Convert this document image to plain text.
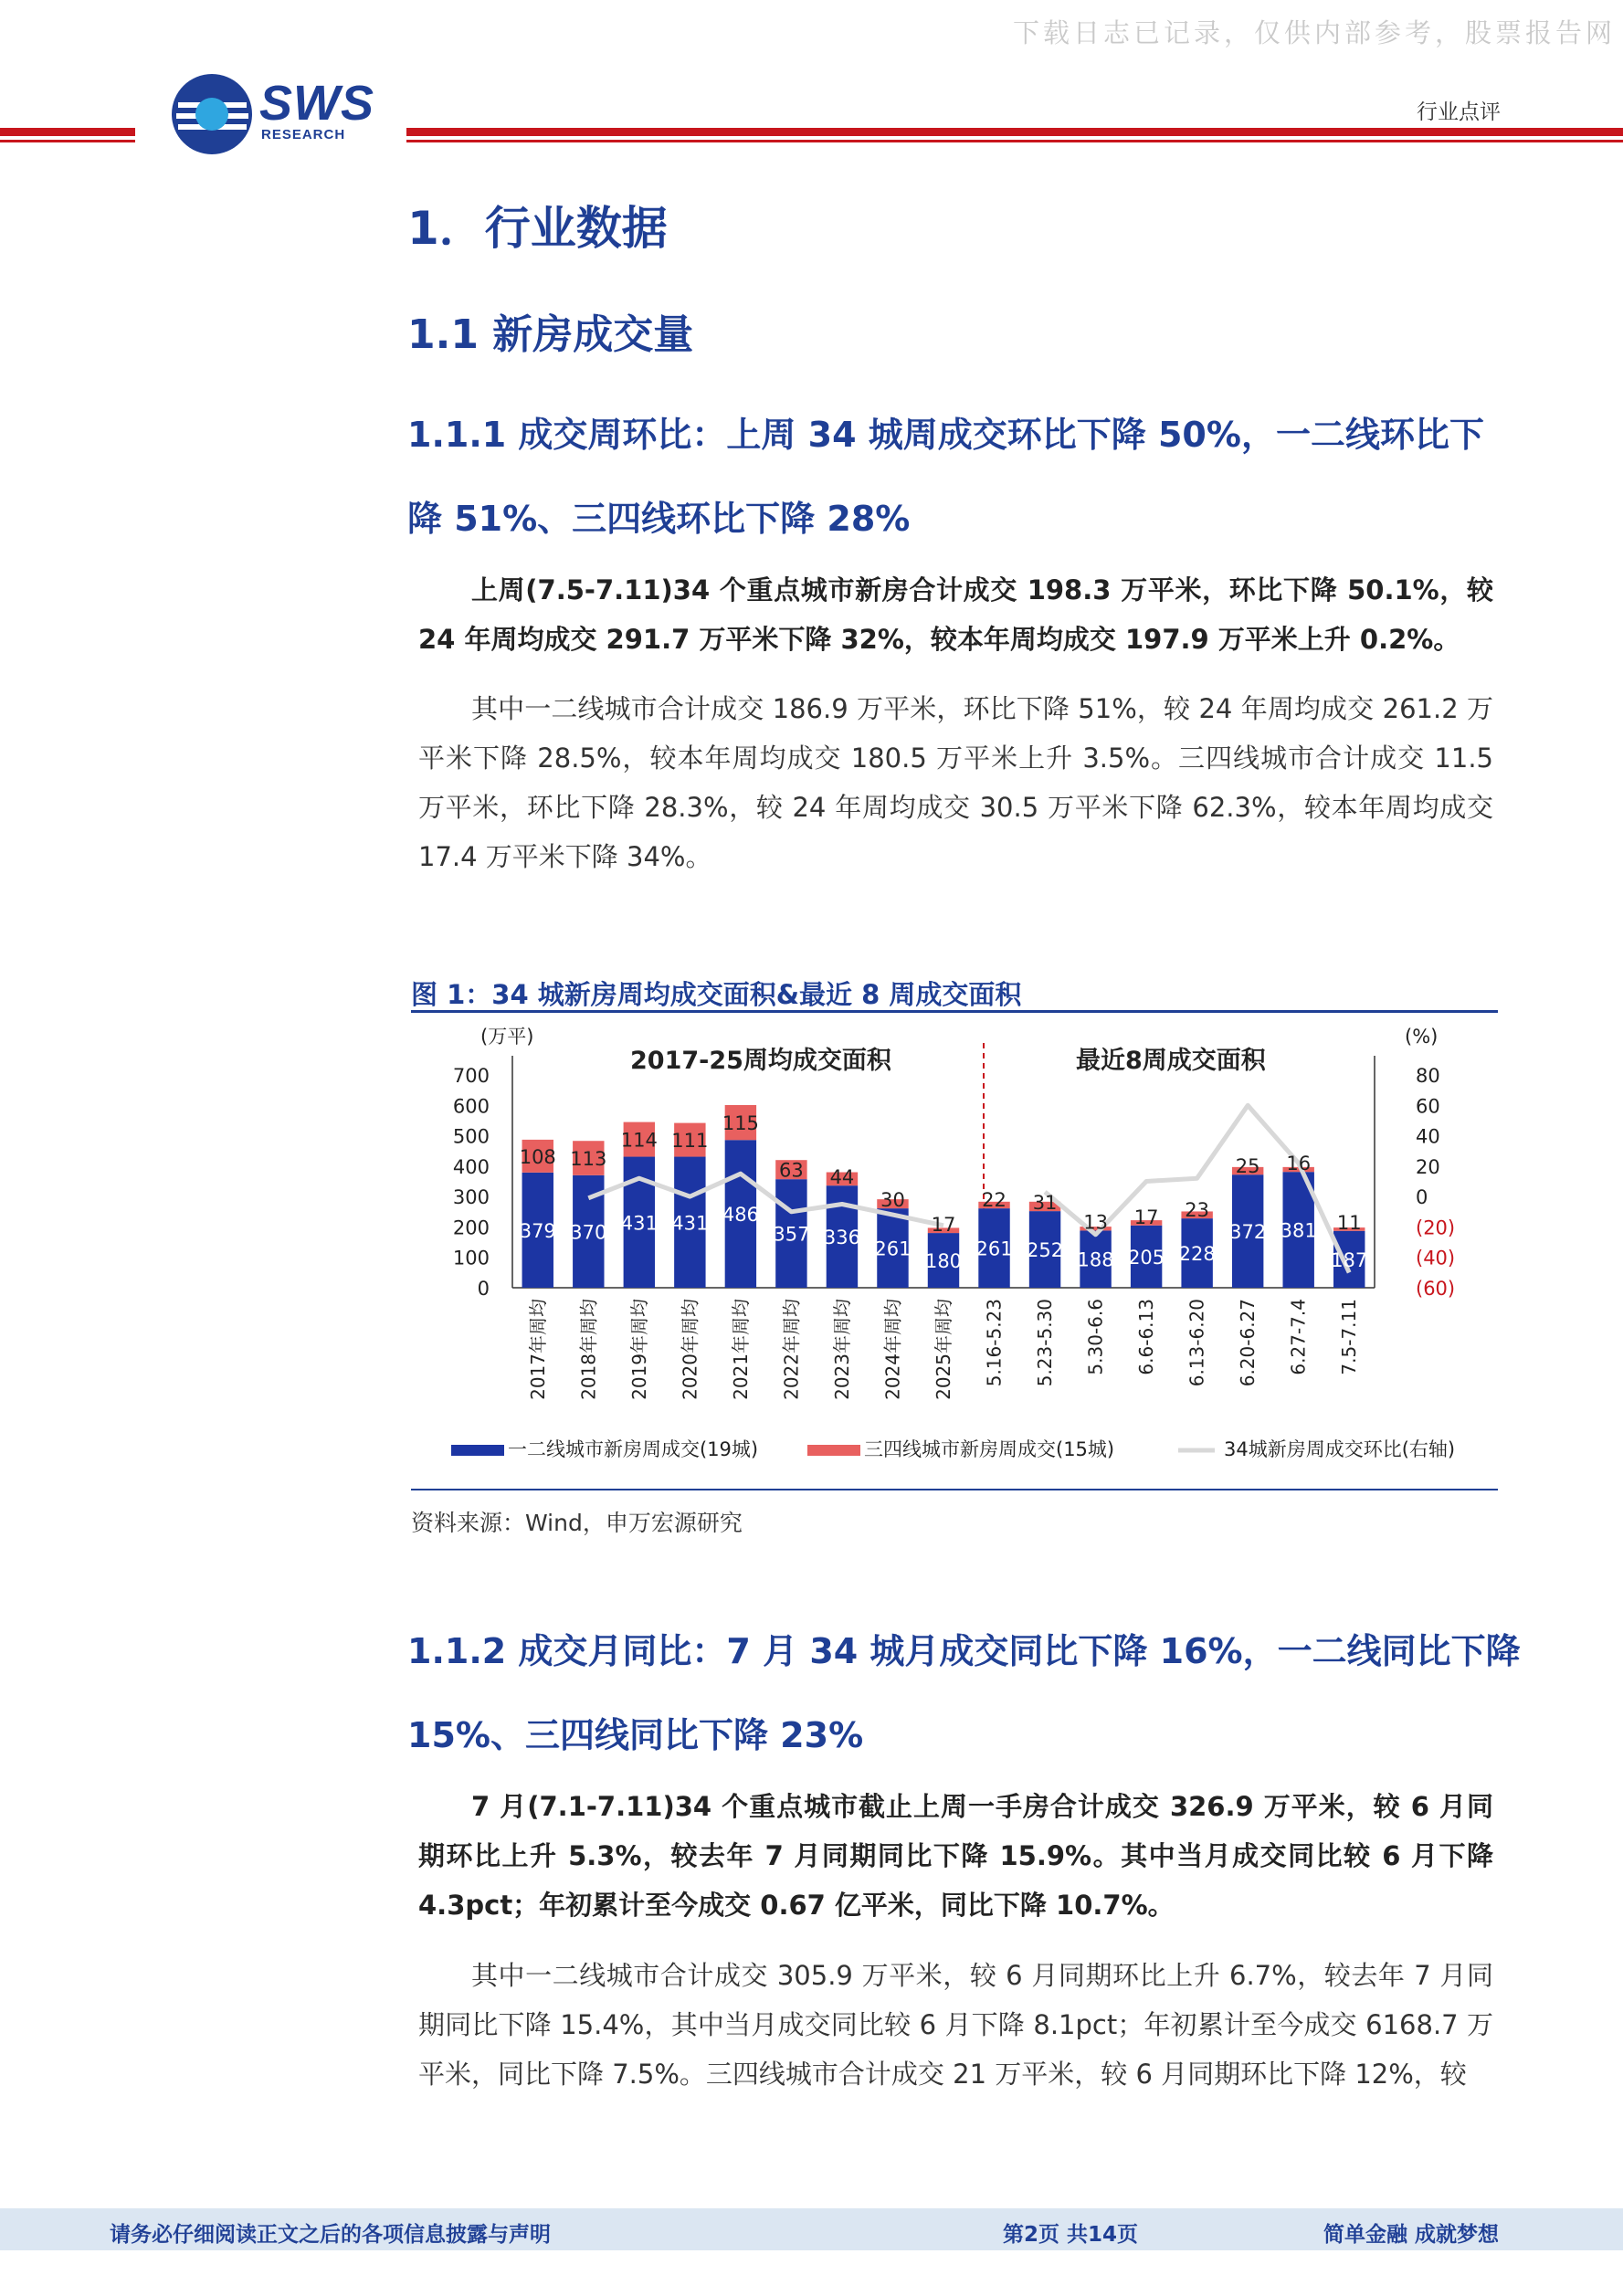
下载日志已记录，仅供内部参考，股票报告网
SWS
RESEARCH
行业点评
1．行业数据
1.1 新房成交量
1.1.1 成交周环比：上周 34 城周成交环比下降 50%，一二线环比下
降 51%、三四线环比下降 28%
上周(7.5-7.11)34 个重点城市新房合计成交 198.3 万平米，环比下降 50.1%，较 24 年周均成交 291.7 万平米下降 32%，较本年周均成交 197.9 万平米上升 0.2%。
其中一二线城市合计成交 186.9 万平米，环比下降 51%，较 24 年周均成交 261.2 万平米下降 28.5%，较本年周均成交 180.5 万平米上升 3.5%。三四线城市合计成交 11.5 万平米，环比下降 28.3%，较 24 年周均成交 30.5 万平米下降 62.3%，较本年周均成交 17.4 万平米下降 34%。
图 1：34 城新房周均成交面积&最近 8 周成交面积
(万平)	(%)
2017-25周均成交面积	最近8周成交面积
700
600
500
400
300
200
100
0
80
60
40
20
0
(20)
(40)
(60)
379
108
370
113
431
114
431
111
486
115
357
63
336
44
261
30
180
17
261
22
252
31
188
13
205
17
228
23
372
25
381
16
187
11
2017年周均 2018年周均 2019年周均 2020年周均 2021年周均 2022年周均 2023年周均 2024年周均 2025年周均 5.16-5.23 5.23-5.30 5.30-6.6 6.6-6.13 6.13-6.20 6.20-6.27 6.27-7.4 7.5-7.11
一二线城市新房周成交(19城)	三四线城市新房周成交(15城)	34城新房周成交环比(右轴)
资料来源：Wind，申万宏源研究
1.1.2 成交月同比：7 月 34 城月成交同比下降 16%，一二线同比下降
15%、三四线同比下降 23%
7 月(7.1-7.11)34 个重点城市截止上周一手房合计成交 326.9 万平米，较 6 月同期环比上升 5.3%，较去年 7 月同期同比下降 15.9%。其中当月成交同比较 6 月下降 4.3pct；年初累计至今成交 0.67 亿平米，同比下降 10.7%。
其中一二线城市合计成交 305.9 万平米，较 6 月同期环比上升 6.7%，较去年 7 月同期同比下降 15.4%，其中当月成交同比较 6 月下降 8.1pct；年初累计至今成交 6168.7 万平米，同比下降 7.5%。三四线城市合计成交 21 万平米，较 6 月同期环比下降 12%，较
请务必仔细阅读正文之后的各项信息披露与声明	第2页 共14页	简单金融 成就梦想
